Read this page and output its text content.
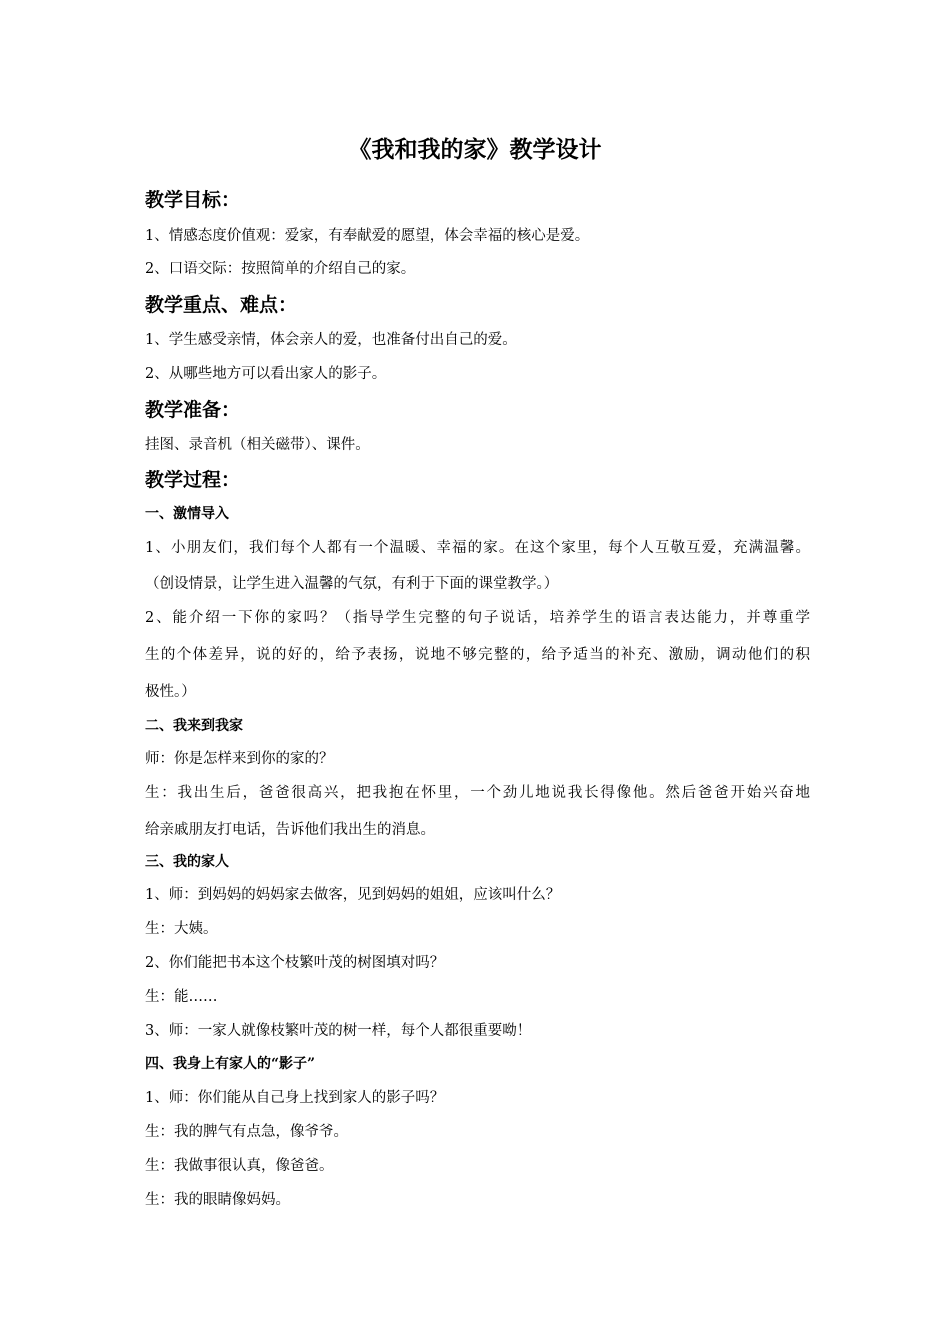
《我和我的家》教学设计
教学目标：
1、情感态度价值观：爱家，有奉献爱的愿望，体会幸福的核心是爱。
2、口语交际：按照简单的介绍自己的家。
教学重点、难点：
1、学生感受亲情，体会亲人的爱，也准备付出自己的爱。
2、从哪些地方可以看出家人的影子。
教学准备：
挂图、录音机（相关磁带）、课件。
教学过程：
一、激情导入
1、小朋友们，我们每个人都有一个温暖、幸福的家。在这个家里，每个人互敬互爱，充满温馨。
（创设情景，让学生进入温馨的气氛，有利于下面的课堂教学。）
2、能介绍一下你的家吗？（指导学生完整的句子说话，培养学生的语言表达能力，并尊重学
生的个体差异，说的好的，给予表扬，说地不够完整的，给予适当的补充、激励，调动他们的积
极性。）
二、我来到我家
师：你是怎样来到你的家的？
生：我出生后，爸爸很高兴，把我抱在怀里，一个劲儿地说我长得像他。然后爸爸开始兴奋地
给亲戚朋友打电话，告诉他们我出生的消息。
三、我的家人
1、师：到妈妈的妈妈家去做客，见到妈妈的姐姐，应该叫什么？
生：大姨。
2、你们能把书本这个枝繁叶茂的树图填对吗？
生：能……
3、师：一家人就像枝繁叶茂的树一样，每个人都很重要呦！
四、我身上有家人的“影子”
1、师：你们能从自己身上找到家人的影子吗？
生：我的脾气有点急，像爷爷。
生：我做事很认真，像爸爸。
生：我的眼睛像妈妈。
